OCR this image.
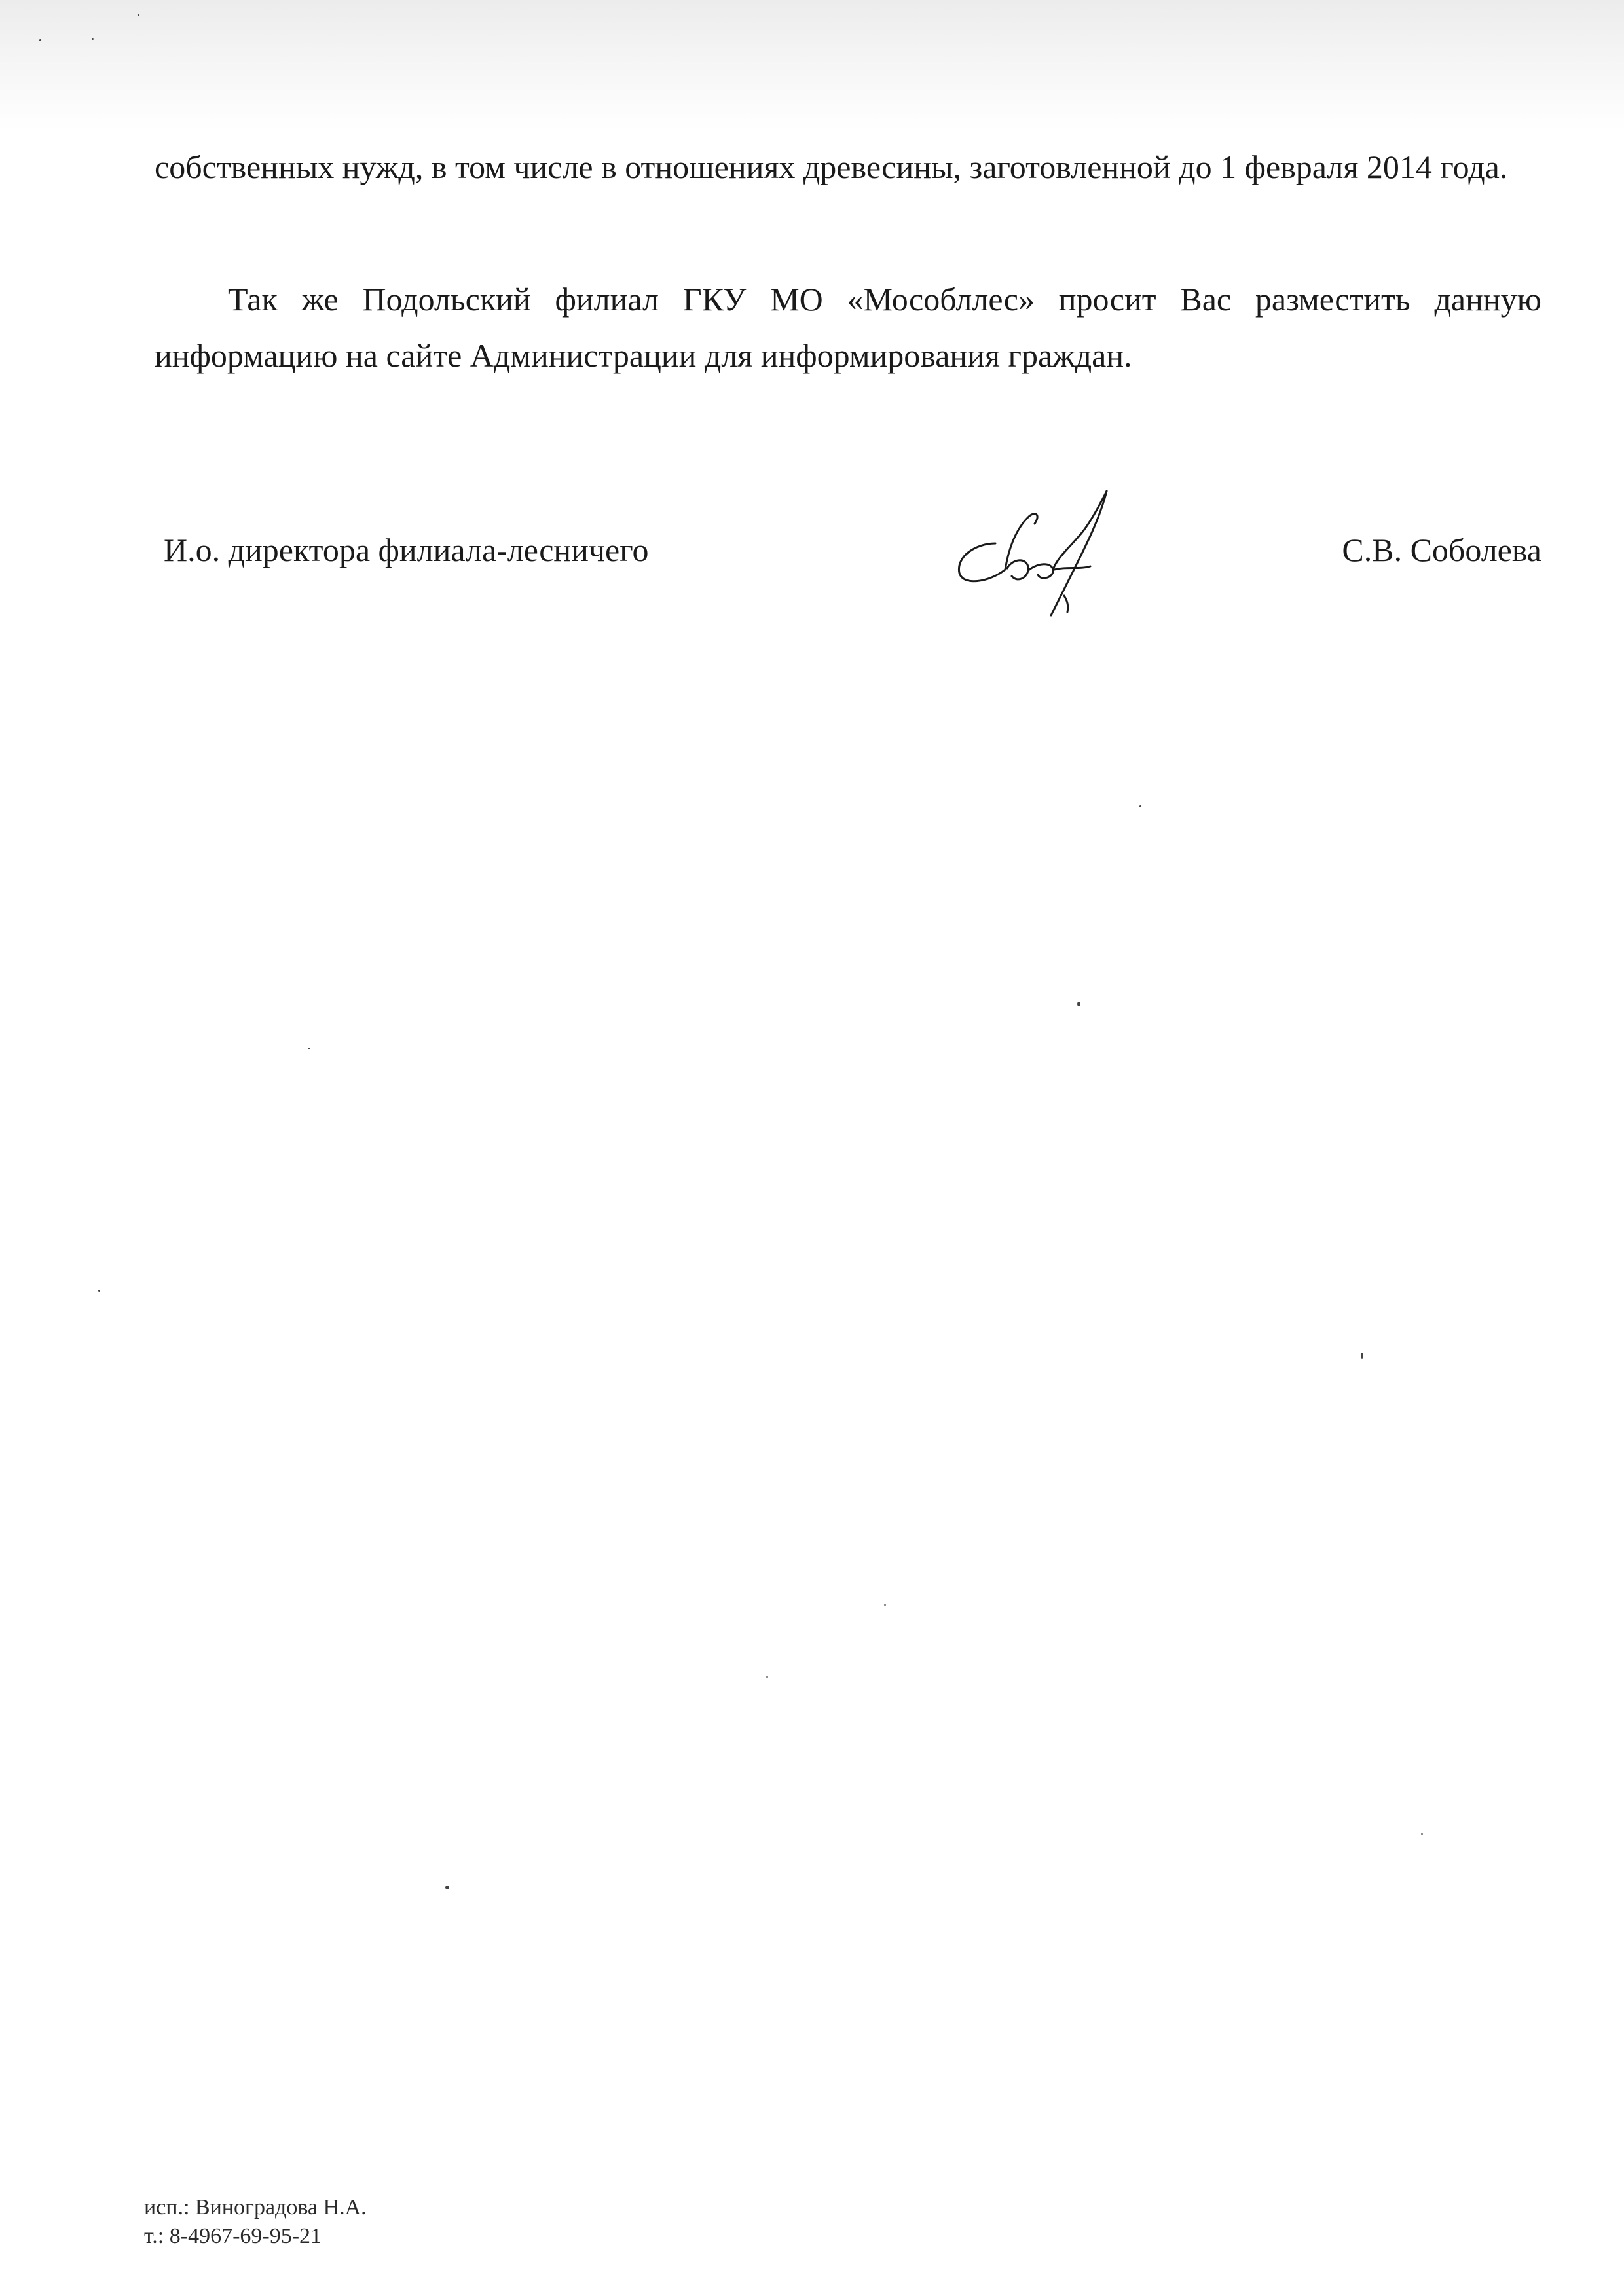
собственных нужд, в том числе в отношениях древесины, заготовленной до 1 февраля 2014 года.

Так же Подольский филиал ГКУ МО «Мособллес» просит Вас разместить данную информацию на сайте Администрации для информирования граждан.

И.о. директора филиала-лесничего	С.В. Соболева
исп.: Виноградова Н.А.
т.: 8-4967-69-95-21
